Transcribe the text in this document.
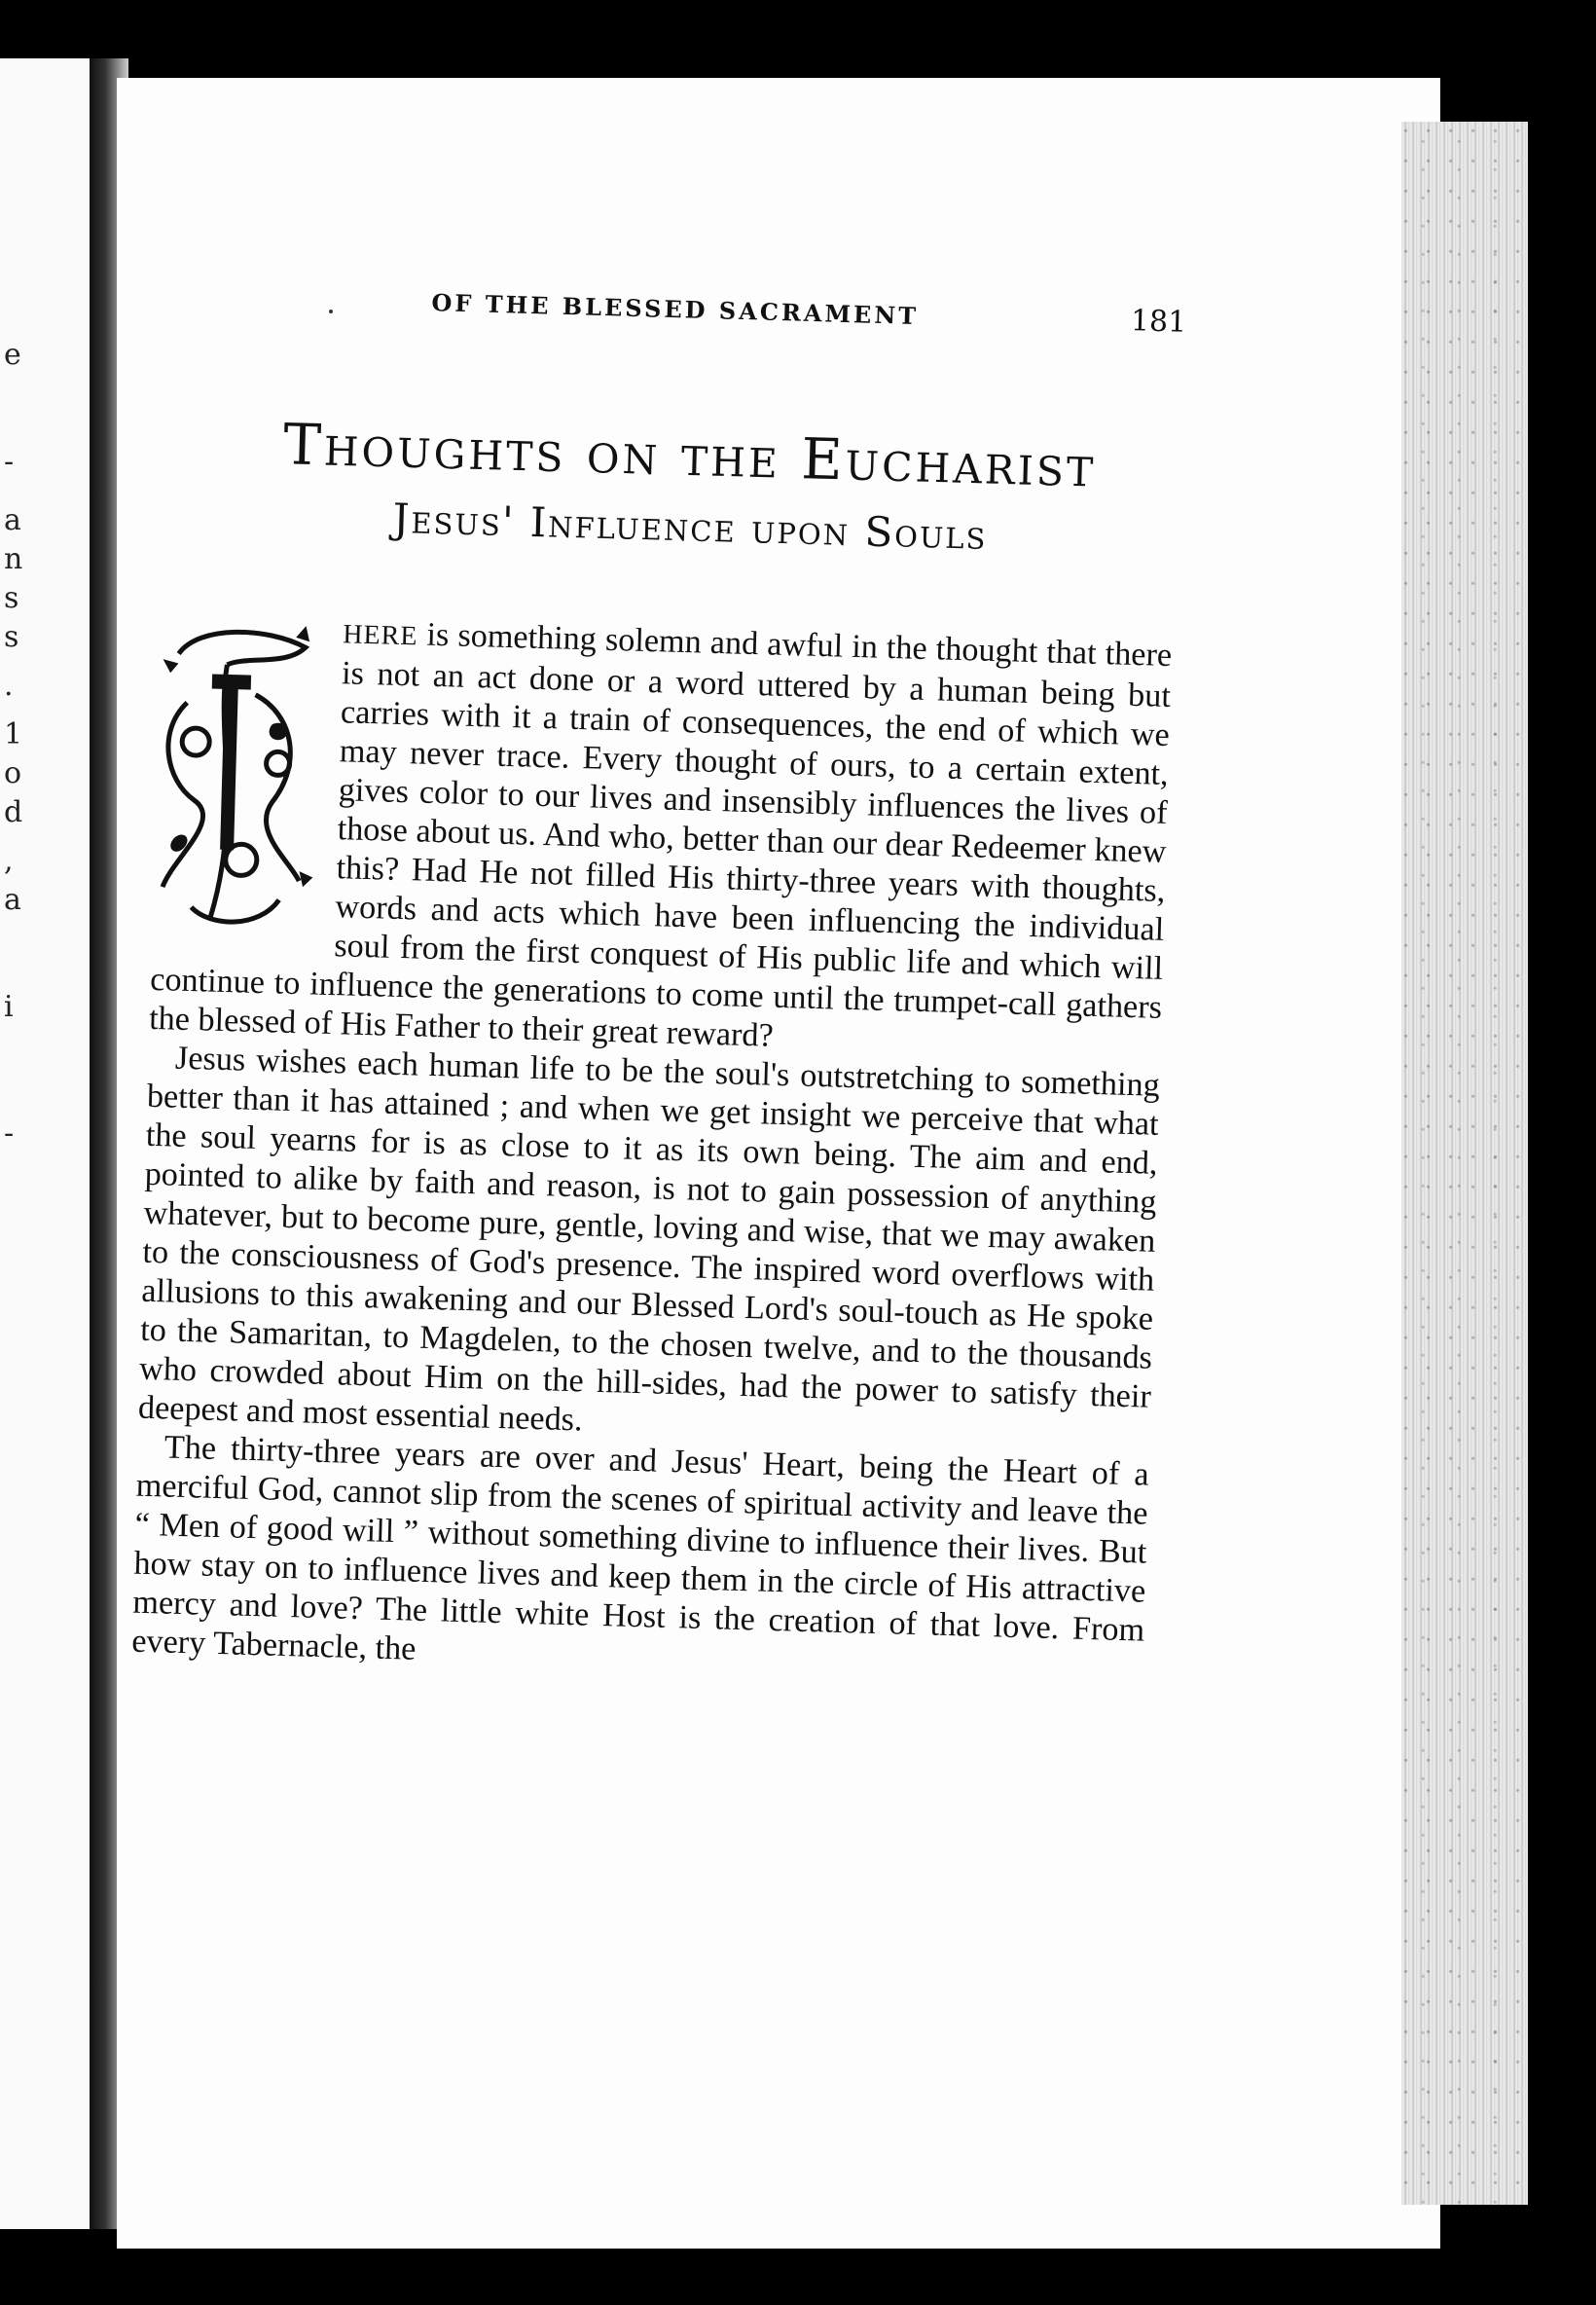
e
-
a
n
s
s
.
1
o
d
,
a
i
-
OF THE BLESSED SACRAMENT	181
Thoughts on the Eucharist
Jesus' Influence upon Souls

HERE is something solemn and awful in the thought that there is not an act done or a word uttered by a human being but carries with it a train of consequences, the end of which we may never trace. Every thought of ours, to a certain extent, gives color to our lives and insensibly influences the lives of those about us. And who, better than our dear Redeemer knew this? Had He not filled His thirty-three years with thoughts, words and acts which have been influencing the individual soul from the first conquest of His public life and which will continue to influence the generations to come until the trumpet-call gathers the blessed of His Father to their great reward?

Jesus wishes each human life to be the soul's outstretching to something better than it has attained ; and when we get insight we perceive that what the soul yearns for is as close to it as its own being. The aim and end, pointed to alike by faith and reason, is not to gain possession of anything whatever, but to become pure, gentle, loving and wise, that we may awaken to the consciousness of God's presence. The inspired word overflows with allusions to this awakening and our Blessed Lord's soul-touch as He spoke to the Samaritan, to Magdelen, to the chosen twelve, and to the thousands who crowded about Him on the hill-sides, had the power to satisfy their deepest and most essential needs.

The thirty-three years are over and Jesus' Heart, being the Heart of a merciful God, cannot slip from the scenes of spiritual activity and leave the “ Men of good will ” without something divine to influence their lives. But how stay on to influence lives and keep them in the circle of His attractive mercy and love? The little white Host is the creation of that love. From every Tabernacle, the
